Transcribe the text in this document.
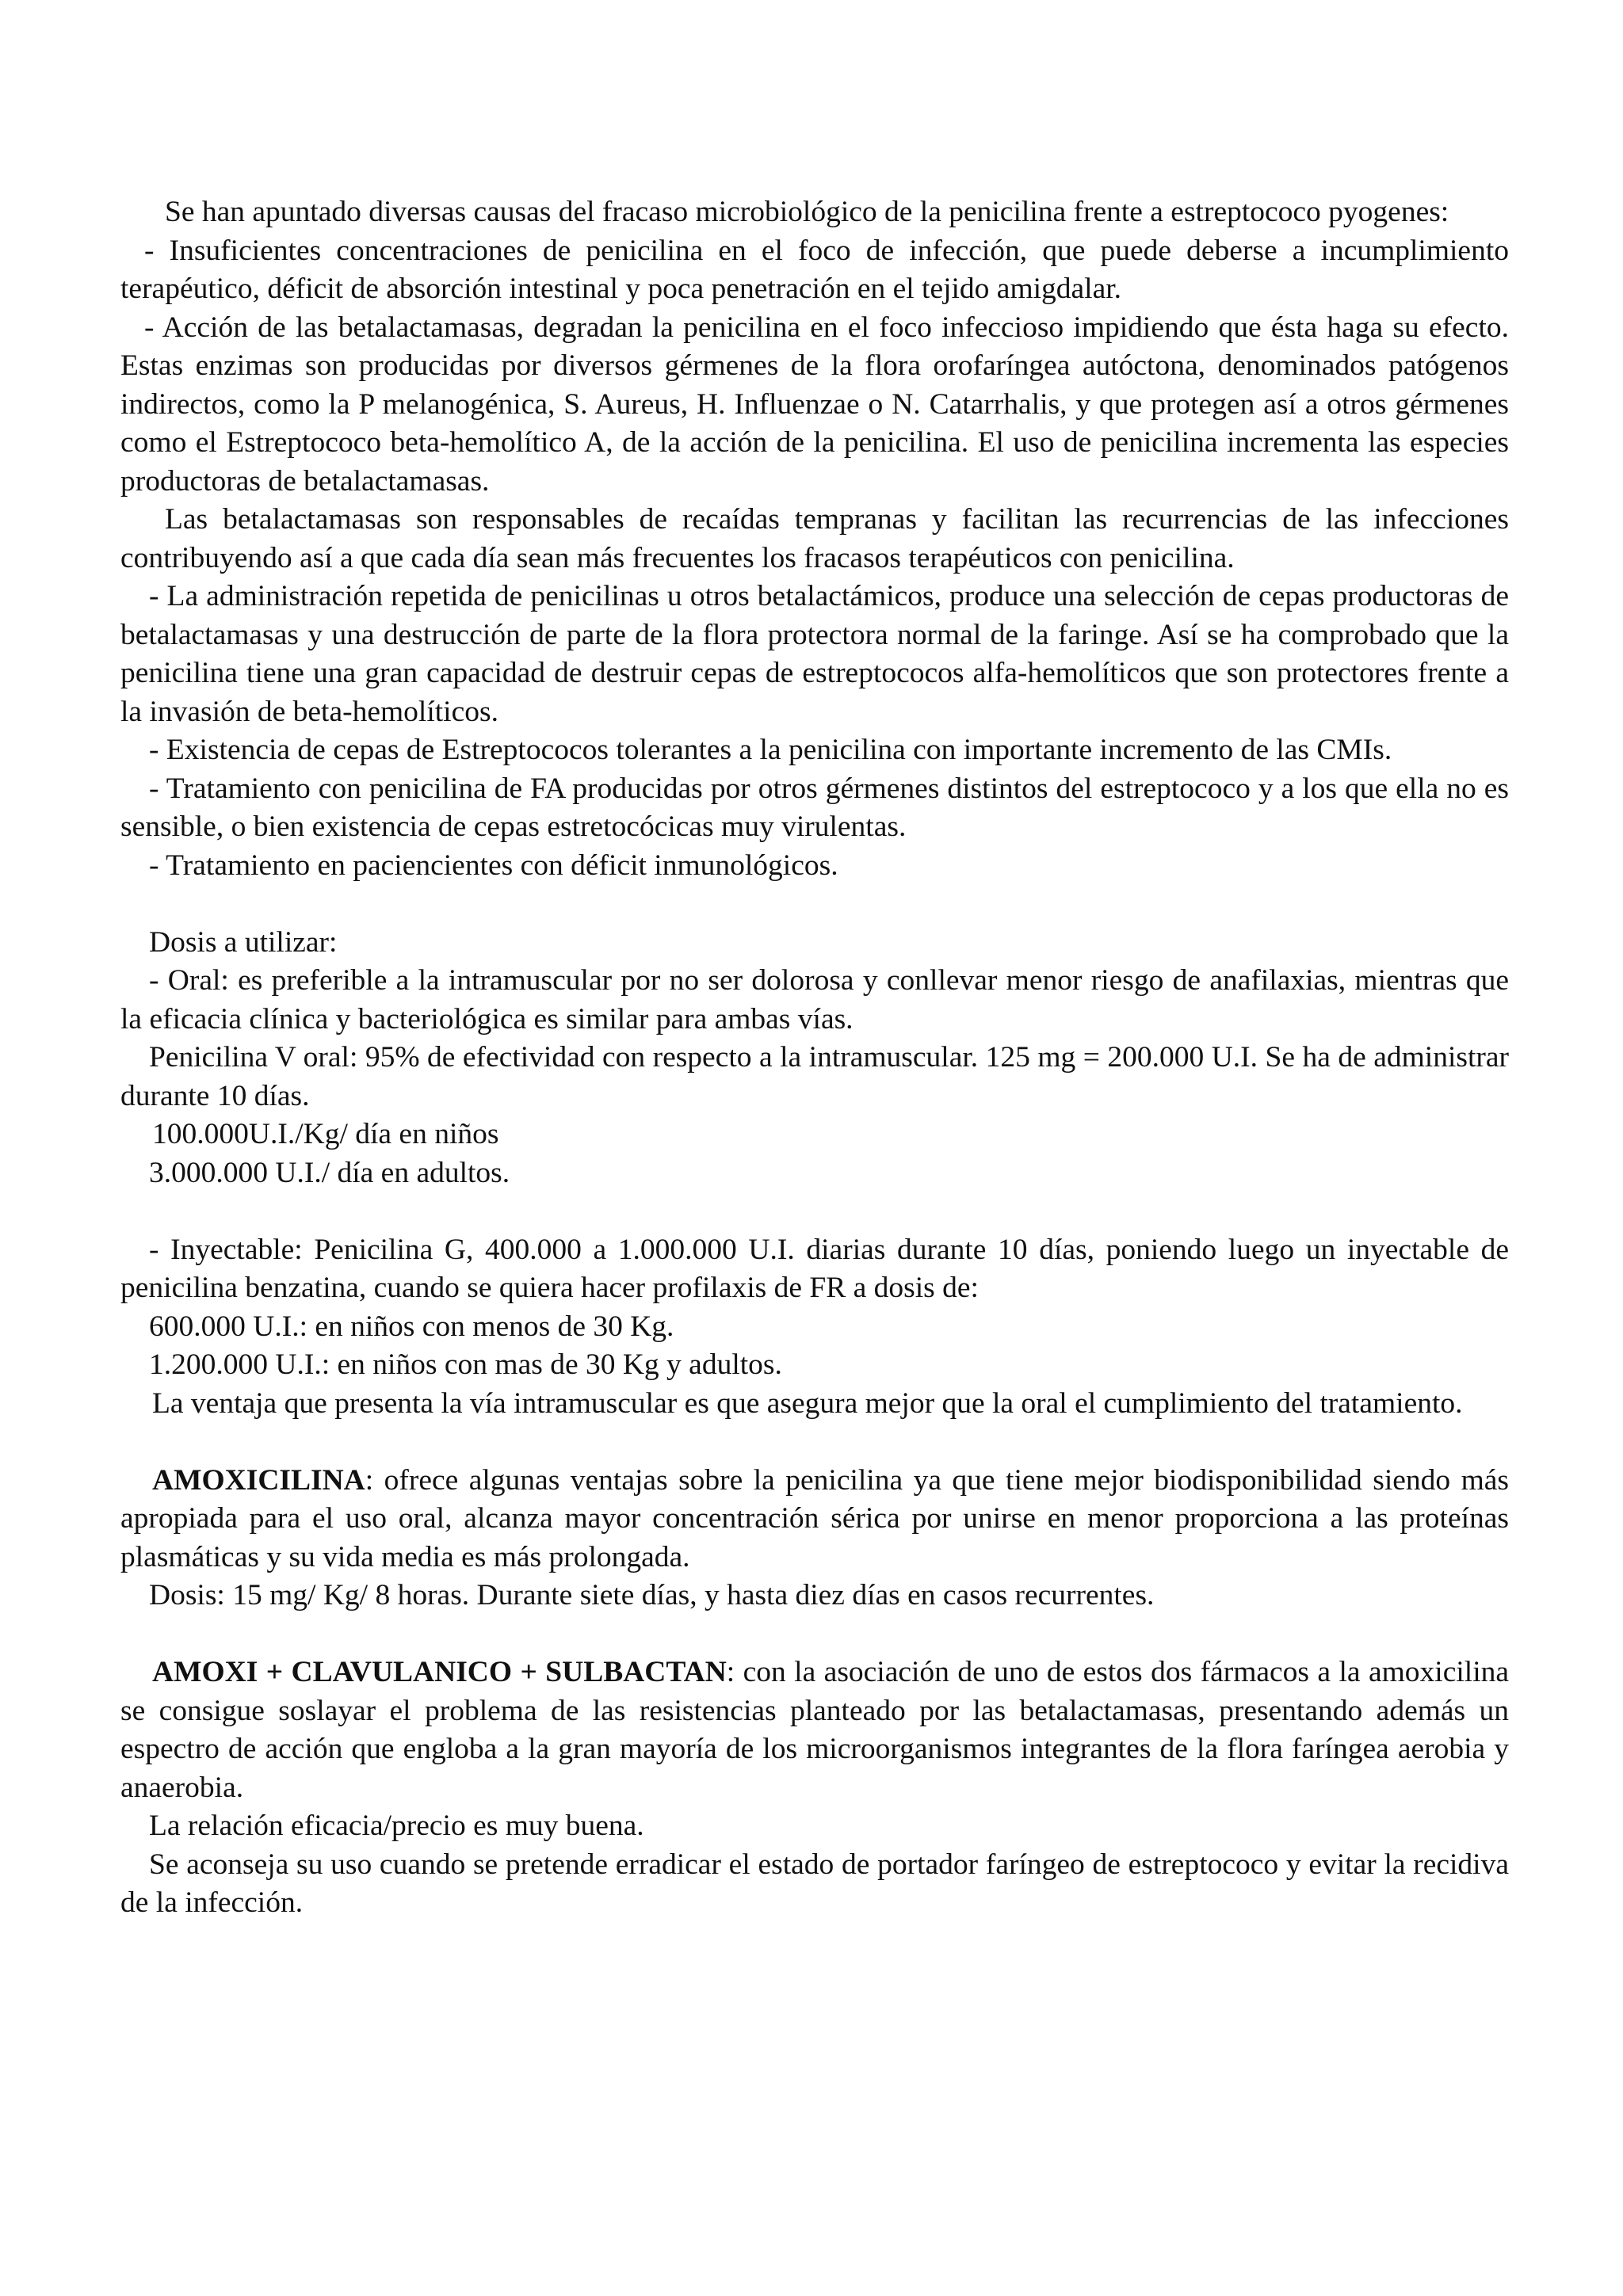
Se han apuntado diversas causas del fracaso microbiológico de la penicilina frente a estreptococo pyogenes:

- Insuficientes concentraciones de penicilina en el foco de infección, que puede deberse a incumplimiento terapéutico, déficit de absorción intestinal y poca penetración en el tejido amigdalar.

- Acción de las betalactamasas, degradan la penicilina en el foco infeccioso impidiendo que ésta haga su efecto. Estas enzimas son producidas por diversos gérmenes de la flora orofaríngea autóctona, denominados patógenos indirectos, como la P melanogénica, S. Aureus, H. Influenzae o N. Catarrhalis, y que protegen así a otros gérmenes como el Estreptococo beta-hemolítico A, de la acción de la penicilina. El uso de penicilina incrementa las especies productoras de betalactamasas.

Las betalactamasas son responsables de recaídas tempranas y facilitan las recurrencias de las infecciones contribuyendo así a que cada día sean más frecuentes los fracasos terapéuticos con penicilina.

- La administración repetida de penicilinas u otros betalactámicos, produce una selección de cepas productoras de betalactamasas y una destrucción de parte de la flora protectora normal de la faringe. Así se ha comprobado que la penicilina tiene una gran capacidad de destruir cepas de estreptococos alfa-hemolíticos que son protectores frente a la invasión de beta-hemolíticos.

- Existencia de cepas de Estreptococos tolerantes a la penicilina con importante incremento de las CMIs.

- Tratamiento con penicilina de FA producidas por otros gérmenes distintos del estreptococo y a los que ella no es sensible, o bien existencia de cepas estretocócicas muy virulentas.

- Tratamiento en paciencientes con déficit inmunológicos.

Dosis a utilizar:

- Oral: es preferible a la intramuscular por no ser dolorosa y conllevar menor riesgo de anafilaxias, mientras que la eficacia clínica y bacteriológica es similar para ambas vías.

Penicilina V oral: 95% de efectividad con respecto a la intramuscular. 125 mg = 200.000 U.I. Se ha de administrar durante 10 días.

100.000U.I./Kg/ día en niños

3.000.000 U.I./ día en adultos.

- Inyectable: Penicilina G, 400.000 a 1.000.000 U.I. diarias durante 10 días, poniendo luego un inyectable de penicilina benzatina, cuando se quiera hacer profilaxis de FR a dosis de:

600.000 U.I.: en niños con menos de 30 Kg.

1.200.000 U.I.: en niños con mas de 30 Kg y adultos.

La ventaja que presenta la vía intramuscular es que asegura mejor que la oral el cumplimiento del tratamiento.

AMOXICILINA: ofrece algunas ventajas sobre la penicilina ya que tiene mejor biodisponibilidad siendo más apropiada para el uso oral, alcanza mayor concentración sérica por unirse en menor proporciona a las proteínas plasmáticas y su vida media es más prolongada.

Dosis: 15 mg/ Kg/ 8 horas. Durante siete días, y hasta diez días en casos recurrentes.

AMOXI + CLAVULANICO + SULBACTAN: con la asociación de uno de estos dos fármacos a la amoxicilina se consigue soslayar el problema de las resistencias planteado por las betalactamasas, presentando además un espectro de acción que engloba a la gran mayoría de los microorganismos integrantes de la flora faríngea aerobia y anaerobia.

La relación eficacia/precio es muy buena.

Se aconseja su uso cuando se pretende erradicar el estado de portador faríngeo de estreptococo y evitar la recidiva de la infección.
